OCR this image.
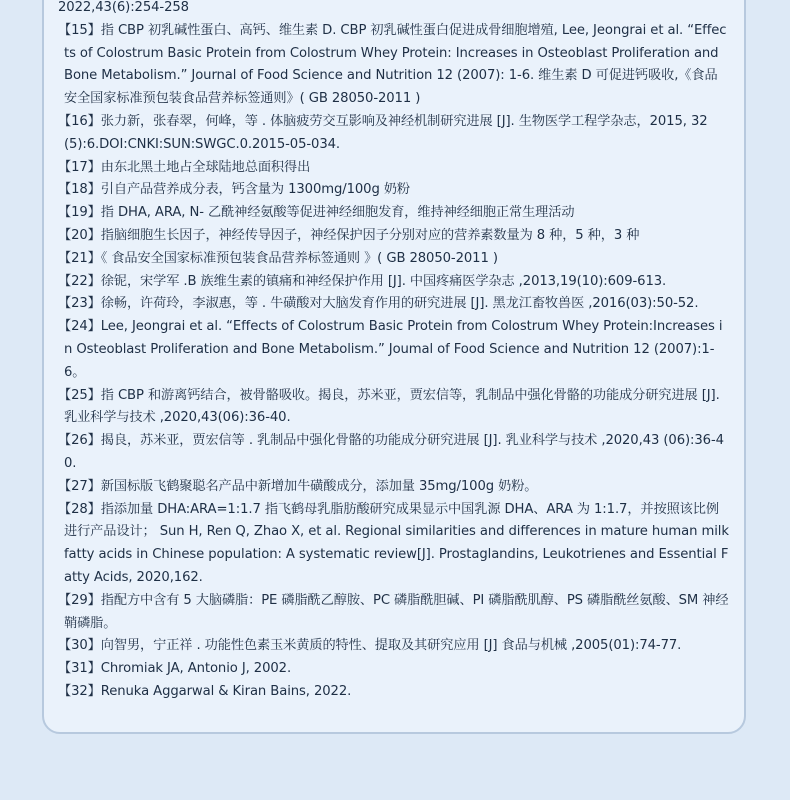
2022,43(6):254-258
【15】指 CBP 初乳碱性蛋白、高钙、维生素 D. CBP 初乳碱性蛋白促进成骨细胞增殖, Lee, Jeongrai et al. “Effects of Colostrum Basic Protein from Colostrum Whey Protein: Increases in Osteoblast Proliferation and Bone Metabolism.” Journal of Food Science and Nutrition 12 (2007): 1-6. 维生素 D 可促进钙吸收,《食品安全国家标准预包装食品营养标签通则》( GB 28050-2011 )
【16】张力新，张春翠，何峰，等 . 体脑疲劳交互影响及神经机制研究进展 [J]. 生物医学工程学杂志，2015, 32 (5):6.DOI:CNKI:SUN:SWGC.0.2015-05-034.
【17】由东北黑土地占全球陆地总面积得出
【18】引自产品营养成分表，钙含量为 1300mg/100g 奶粉
【19】指 DHA, ARA, N- 乙酰神经氨酸等促进神经细胞发育，维持神经细胞正常生理活动
【20】指脑细胞生长因子，神经传导因子，神经保护因子分别对应的营养素数量为 8 种，5 种，3 种
【21】《 食品安全国家标准预包装食品营养标签通则 》( GB 28050-2011 )
【22】徐铌，宋学军 .B 族维生素的镇痛和神经保护作用 [J]. 中国疼痛医学杂志 ,2013,19(10):609-613.
【23】徐畅，许荷玲，李淑惠，等 . 牛磺酸对大脑发育作用的研究进展 [J]. 黑龙江畜牧兽医 ,2016(03):50-52.
【24】Lee, Jeongrai et al. “Effects of Colostrum Basic Protein from Colostrum Whey Protein:Increases in Osteoblast Proliferation and Bone Metabolism.” Joumal of Food Science and Nutrition 12 (2007):1-6。
【25】指 CBP 和游离钙结合，被骨骼吸收。揭良，苏米亚，贾宏信等，乳制品中强化骨骼的功能成分研究进展 [J]. 乳业科学与技术 ,2020,43(06):36-40.
【26】揭良，苏米亚，贾宏信等 . 乳制品中强化骨骼的功能成分研究进展 [J]. 乳业科学与技术 ,2020,43 (06):36-40.
【27】新国标版飞鹤聚聪名产品中新增加牛磺酸成分，添加量 35mg/100g 奶粉。
【28】指添加量 DHA:ARA=1:1.7 指飞鹤母乳脂肪酸研究成果显示中国乳源 DHA、ARA 为 1:1.7，并按照该比例进行产品设计； Sun H, Ren Q, Zhao X, et al. Regional similarities and differences in mature human milk fatty acids in Chinese population: A systematic review[J]. Prostaglandins, Leukotrienes and Essential Fatty Acids, 2020,162.
【29】指配方中含有 5 大脑磷脂：PE 磷脂酰乙醇胺、PC 磷脂酰胆碱、PI 磷脂酰肌醇、PS 磷脂酰丝氨酸、SM 神经鞘磷脂。
【30】向智男，宁正祥 . 功能性色素玉米黄质的特性、提取及其研究应用 [J] 食品与机械 ,2005(01):74-77.
【31】Chromiak JA, Antonio J, 2002.
【32】Renuka Aggarwal & Kiran Bains, 2022.
